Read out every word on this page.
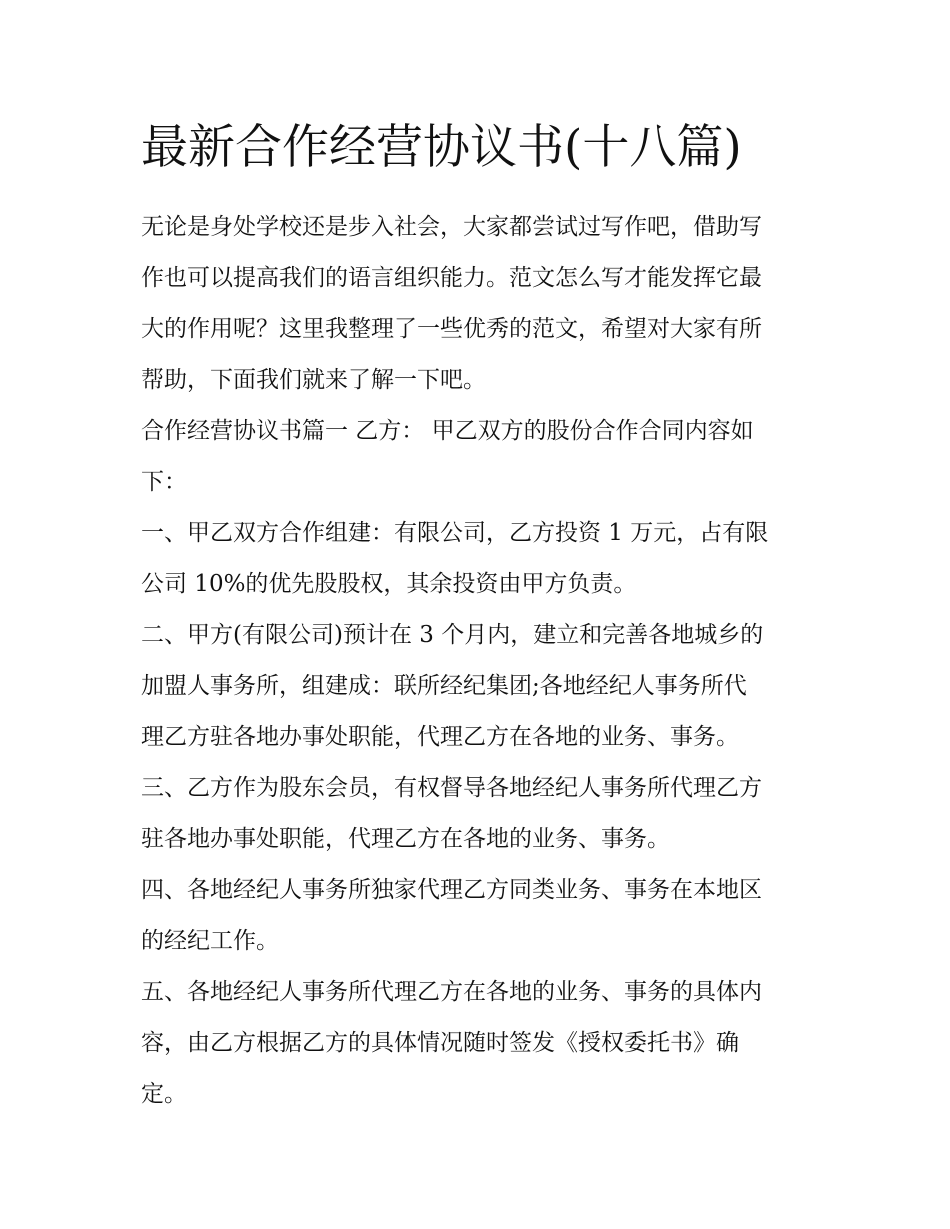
最新合作经营协议书(十八篇)

无论是身处学校还是步入社会，大家都尝试过写作吧，借助写

作也可以提高我们的语言组织能力。范文怎么写才能发挥它最

大的作用呢？这里我整理了一些优秀的范文，希望对大家有所

帮助，下面我们就来了解一下吧。

合作经营协议书篇一 乙方： 甲乙双方的股份合作合同内容如

下：

一、甲乙双方合作组建：有限公司，乙方投资 1 万元，占有限

公司 10%的优先股股权，其余投资由甲方负责。

二、甲方(有限公司)预计在 3 个月内，建立和完善各地城乡的

加盟人事务所，组建成：联所经纪集团;各地经纪人事务所代

理乙方驻各地办事处职能，代理乙方在各地的业务、事务。

三、乙方作为股东会员，有权督导各地经纪人事务所代理乙方

驻各地办事处职能，代理乙方在各地的业务、事务。

四、各地经纪人事务所独家代理乙方同类业务、事务在本地区

的经纪工作。

五、各地经纪人事务所代理乙方在各地的业务、事务的具体内

容，由乙方根据乙方的具体情况随时签发《授权委托书》确

定。
